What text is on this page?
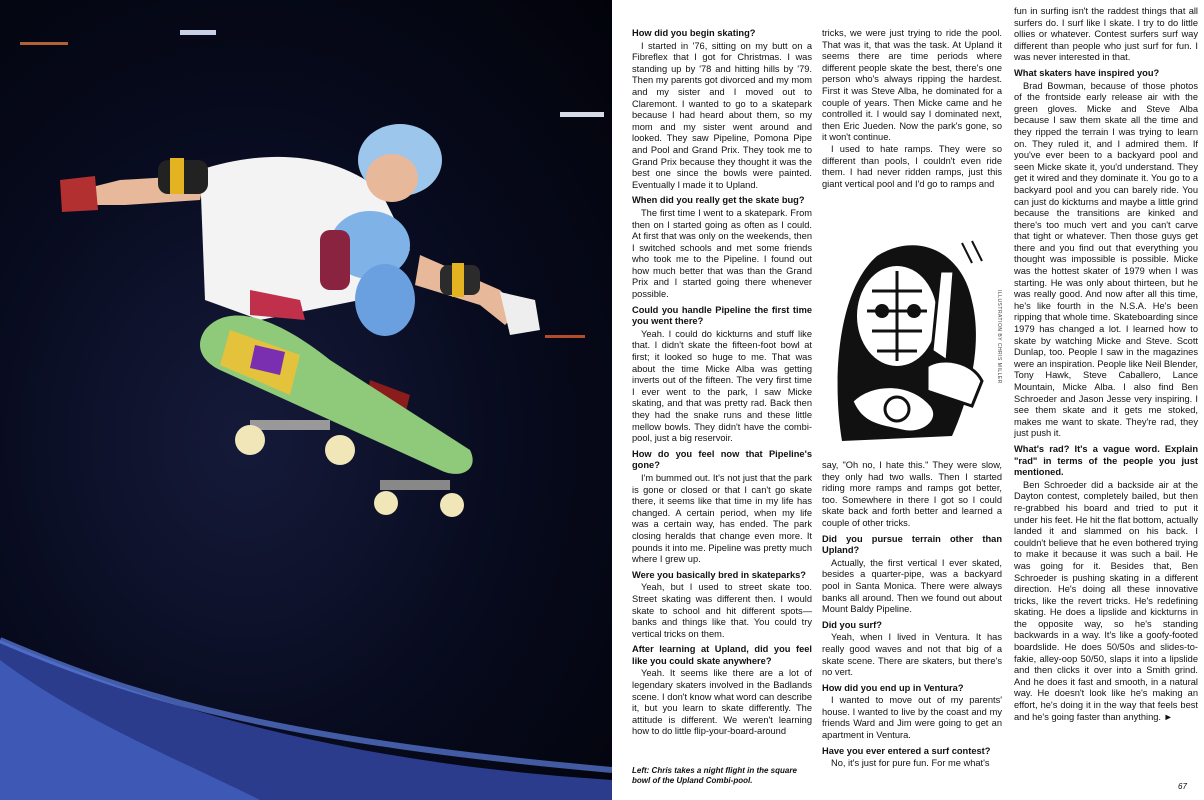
How did you begin skating?

I started in '76, sitting on my butt on a Fibreflex that I got for Christmas. I was standing up by '78 and hitting hills by '79. Then my parents got divorced and my mom and my sister and I moved out to Claremont. I wanted to go to a skatepark because I had heard about them, so my mom and my sister went around and looked. They saw Pipeline, Pomona Pipe and Pool and Grand Prix. They took me to Grand Prix because they thought it was the best one since the bowls were painted. Eventually I made it to Upland.

When did you really get the skate bug?

The first time I went to a skatepark. From then on I started going as often as I could. At first that was only on the weekends, then I switched schools and met some friends who took me to the Pipeline. I found out how much better that was than the Grand Prix and I started going there whenever possible.

Could you handle Pipeline the first time you went there?

Yeah. I could do kickturns and stuff like that. I didn't skate the fifteen-foot bowl at first; it looked so huge to me. That was about the time Micke Alba was getting inverts out of the fifteen. The very first time I ever went to the park, I saw Micke skating, and that was pretty rad. Back then they had the snake runs and these little mellow bowls. They didn't have the combi-pool, just a big reservoir.

How do you feel now that Pipeline's gone?

I'm bummed out. It's not just that the park is gone or closed or that I can't go skate there, it seems like that time in my life has changed. A certain period, when my life was a certain way, has ended. The park closing heralds that change even more. It pounds it into me. Pipeline was pretty much where I grew up.

Were you basically bred in skateparks?

Yeah, but I used to street skate too. Street skating was different then. I would skate to school and hit different spots— banks and things like that. You could try vertical tricks on them.

After learning at Upland, did you feel like you could skate anywhere?

Yeah. It seems like there are a lot of legendary skaters involved in the Badlands scene. I don't know what word can describe it, but you learn to skate differently. The attitude is different. We weren't learning how to do little flip-your-board-around

tricks, we were just trying to ride the pool. That was it, that was the task. At Upland it seems there are time periods where different people skate the best, there's one person who's always ripping the hardest. First it was Steve Alba, he dominated for a couple of years. Then Micke came and he controlled it. I would say I dominated next, then Eric Jueden. Now the park's gone, so it won't continue.

I used to hate ramps. They were so different than pools, I couldn't even ride them. I had never ridden ramps, just this giant vertical pool and I'd go to ramps and

ILLUSTRATION BY CHRIS MILLER

say, "Oh no, I hate this." They were slow, they only had two walls. Then I started riding more ramps and ramps got better, too. Somewhere in there I got so I could skate back and forth better and learned a couple of other tricks.

Did you pursue terrain other than Upland?

Actually, the first vertical I ever skated, besides a quarter-pipe, was a backyard pool in Santa Monica. There were always banks all around. Then we found out about Mount Baldy Pipeline.

Did you surf?

Yeah, when I lived in Ventura. It has really good waves and not that big of a skate scene. There are skaters, but there's no vert.

How did you end up in Ventura?

I wanted to move out of my parents' house. I wanted to live by the coast and my friends Ward and Jim were going to get an apartment in Ventura.

Have you ever entered a surf contest?

No, it's just for pure fun. For me what's

fun in surfing isn't the raddest things that all surfers do. I surf like I skate. I try to do little ollies or whatever. Contest surfers surf way different than people who just surf for fun. I was never interested in that.

What skaters have inspired you?

Brad Bowman, because of those photos of the frontside early release air with the green gloves. Micke and Steve Alba because I saw them skate all the time and they ripped the terrain I was trying to learn on. They ruled it, and I admired them. If you've ever been to a backyard pool and seen Micke skate it, you'd understand. They get it wired and they dominate it. You go to a backyard pool and you can barely ride. You can just do kickturns and maybe a little grind because the transitions are kinked and there's too much vert and you can't carve that tight or whatever. Then those guys get there and you find out that everything you thought was impossible is possible. Micke was the hottest skater of 1979 when I was starting. He was only about thirteen, but he was really good. And now after all this time, he's like fourth in the N.S.A. He's been ripping that whole time. Skateboarding since 1979 has changed a lot. I learned how to skate by watching Micke and Steve. Scott Dunlap, too. People I saw in the magazines were an inspiration. People like Neil Blender, Tony Hawk, Steve Caballero, Lance Mountain, Micke Alba. I also find Ben Schroeder and Jason Jesse very inspiring. I see them skate and it gets me stoked, makes me want to skate. They're rad, they just push it.

What's rad? It's a vague word. Explain "rad" in terms of the people you just mentioned.

Ben Schroeder did a backside air at the Dayton contest, completely bailed, but then re-grabbed his board and tried to put it under his feet. He hit the flat bottom, actually landed it and slammed on his back. I couldn't believe that he even bothered trying to make it because it was such a bail. He was going for it. Besides that, Ben Schroeder is pushing skating in a different direction. He's doing all these innovative tricks, like the revert tricks. He's redefining skating. He does a lipslide and kickturns in the opposite way, so he's standing backwards in a way. It's like a goofy-footed boardslide. He does 50/50s and slides-to-fakie, alley-oop 50/50, slaps it into a lipslide and then clicks it over into a Smith grind. And he does it fast and smooth, in a natural way. He doesn't look like he's making an effort, he's doing it in the way that feels best and he's going faster than anything. ►

Left: Chris takes a night flight in the square bowl of the Upland Combi-pool.
67
